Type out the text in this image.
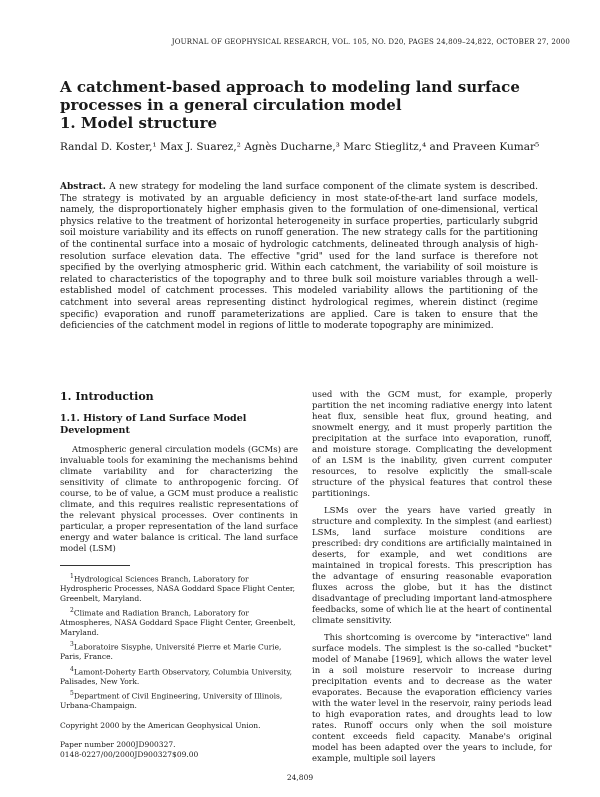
JOURNAL OF GEOPHYSICAL RESEARCH, VOL. 105, NO. D20, PAGES 24,809–24,822, OCTOBER 27, 2000
A catchment-based approach to modeling land surface processes in a general circulation model
1. Model structure
Randal D. Koster,¹ Max J. Suarez,² Agnès Ducharne,³ Marc Stieglitz,⁴ and Praveen Kumar⁵
Abstract. A new strategy for modeling the land surface component of the climate system is described. The strategy is motivated by an arguable deficiency in most state-of-the-art land surface models, namely, the disproportionately higher emphasis given to the formulation of one-dimensional, vertical physics relative to the treatment of horizontal heterogeneity in surface properties, particularly subgrid soil moisture variability and its effects on runoff generation. The new strategy calls for the partitioning of the continental surface into a mosaic of hydrologic catchments, delineated through analysis of high-resolution surface elevation data. The effective "grid" used for the land surface is therefore not specified by the overlying atmospheric grid. Within each catchment, the variability of soil moisture is related to characteristics of the topography and to three bulk soil moisture variables through a well-established model of catchment processes. This modeled variability allows the partitioning of the catchment into several areas representing distinct hydrological regimes, wherein distinct (regime specific) evaporation and runoff parameterizations are applied. Care is taken to ensure that the deficiencies of the catchment model in regions of little to moderate topography are minimized.
1. Introduction
1.1. History of Land Surface Model Development

Atmospheric general circulation models (GCMs) are invaluable tools for examining the mechanisms behind climate variability and for characterizing the sensitivity of climate to anthropogenic forcing. Of course, to be of value, a GCM must produce a realistic climate, and this requires realistic representations of the relevant physical processes. Over continents in particular, a proper representation of the land surface energy and water balance is critical. The land surface model (LSM)

$^1$Hydrological Sciences Branch, Laboratory for Hydrospheric Processes, NASA Goddard Space Flight Center, Greenbelt, Maryland.

$^2$Climate and Radiation Branch, Laboratory for Atmospheres, NASA Goddard Space Flight Center, Greenbelt, Maryland.

$^3$Laboratoire Sisyphe, Université Pierre et Marie Curie, Paris, France.

$^4$Lamont-Doherty Earth Observatory, Columbia University, Palisades, New York.

$^5$Department of Civil Engineering, University of Illinois, Urbana-Champaign.

Copyright 2000 by the American Geophysical Union.
Paper number 2000JD900327.
0148-0227/00/2000JD900327$09.00

used with the GCM must, for example, properly partition the net incoming radiative energy into latent heat flux, sensible heat flux, ground heating, and snowmelt energy, and it must properly partition the precipitation at the surface into evaporation, runoff, and moisture storage. Complicating the development of an LSM is the inability, given current computer resources, to resolve explicitly the small-scale structure of the physical features that control these partitionings.

LSMs over the years have varied greatly in structure and complexity. In the simplest (and earliest) LSMs, land surface moisture conditions are prescribed: dry conditions are artificially maintained in deserts, for example, and wet conditions are maintained in tropical forests. This prescription has the advantage of ensuring reasonable evaporation fluxes across the globe, but it has the distinct disadvantage of precluding important land-atmosphere feedbacks, some of which lie at the heart of continental climate sensitivity.

This shortcoming is overcome by "interactive" land surface models. The simplest is the so-called "bucket" model of Manabe [1969], which allows the water level in a soil moisture reservoir to increase during precipitation events and to decrease as the water evaporates. Because the evaporation efficiency varies with the water level in the reservoir, rainy periods lead to high evaporation rates, and droughts lead to low rates. Runoff occurs only when the soil moisture content exceeds field capacity. Manabe's original model has been adapted over the years to include, for example, multiple soil layers

24,809
